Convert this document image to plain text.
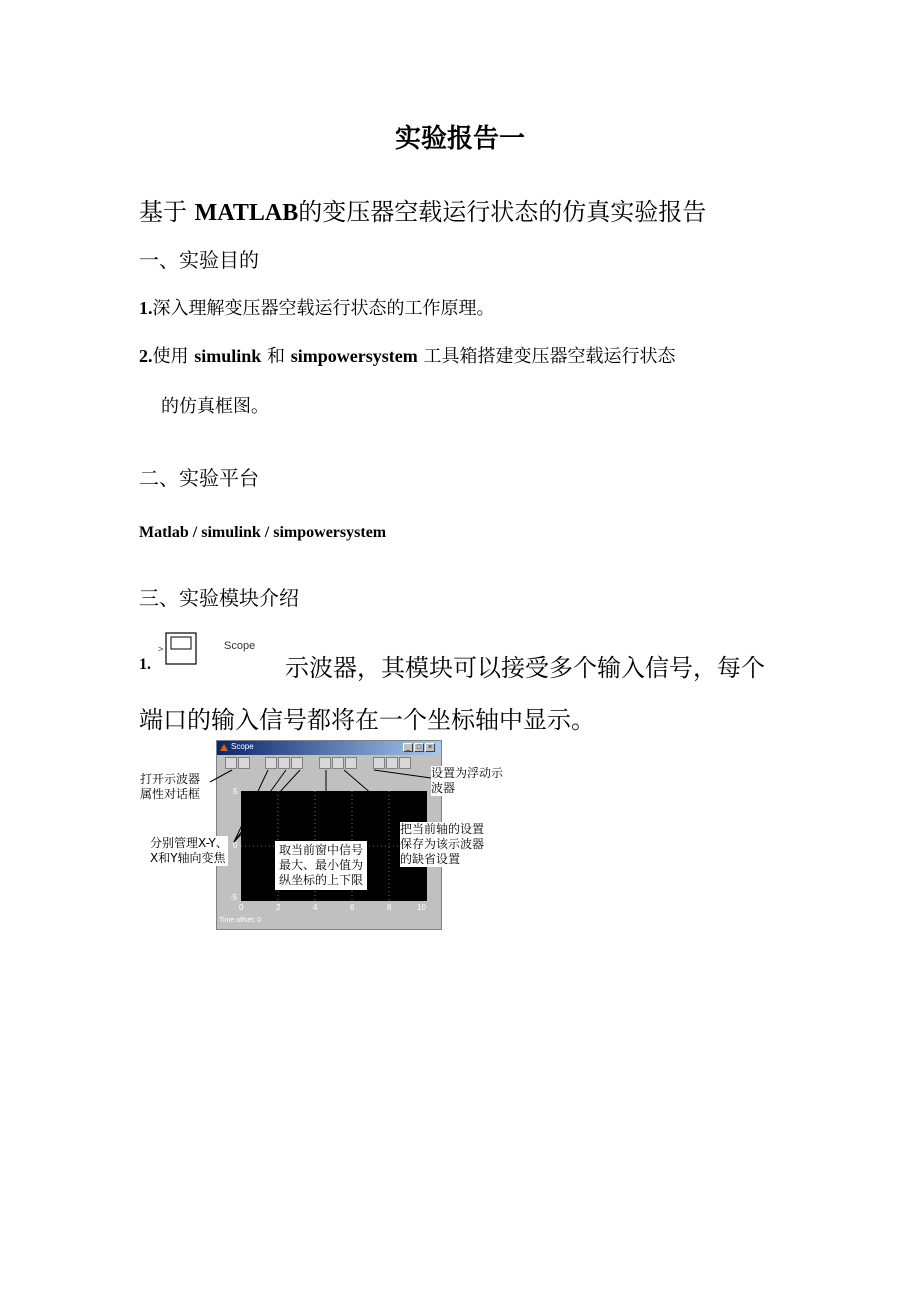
实验报告一
基于 MATLAB的变压器空载运行状态的仿真实验报告
一、实验目的
1.深入理解变压器空载运行状态的工作原理。
2.使用 simulink 和 simpowersystem 工具箱搭建变压器空载运行状态
的仿真框图。
二、实验平台
Matlab / simulink / simpowersystem
三、实验模块介绍
1.
>	Scope
示波器，其模块可以接受多个输入信号，每个
端口的输入信号都将在一个坐标轴中显示。
Scope	_ □ ×
5
0
-5
0	2	4	6	8	10
Time offset: 0
打开示波器
属性对话框
分别管理X-Y、
X和Y轴向变焦
取当前窗中信号
最大、最小值为
纵坐标的上下限
把当前轴的设置
保存为该示波器
的缺省设置
设置为浮动示
波器
